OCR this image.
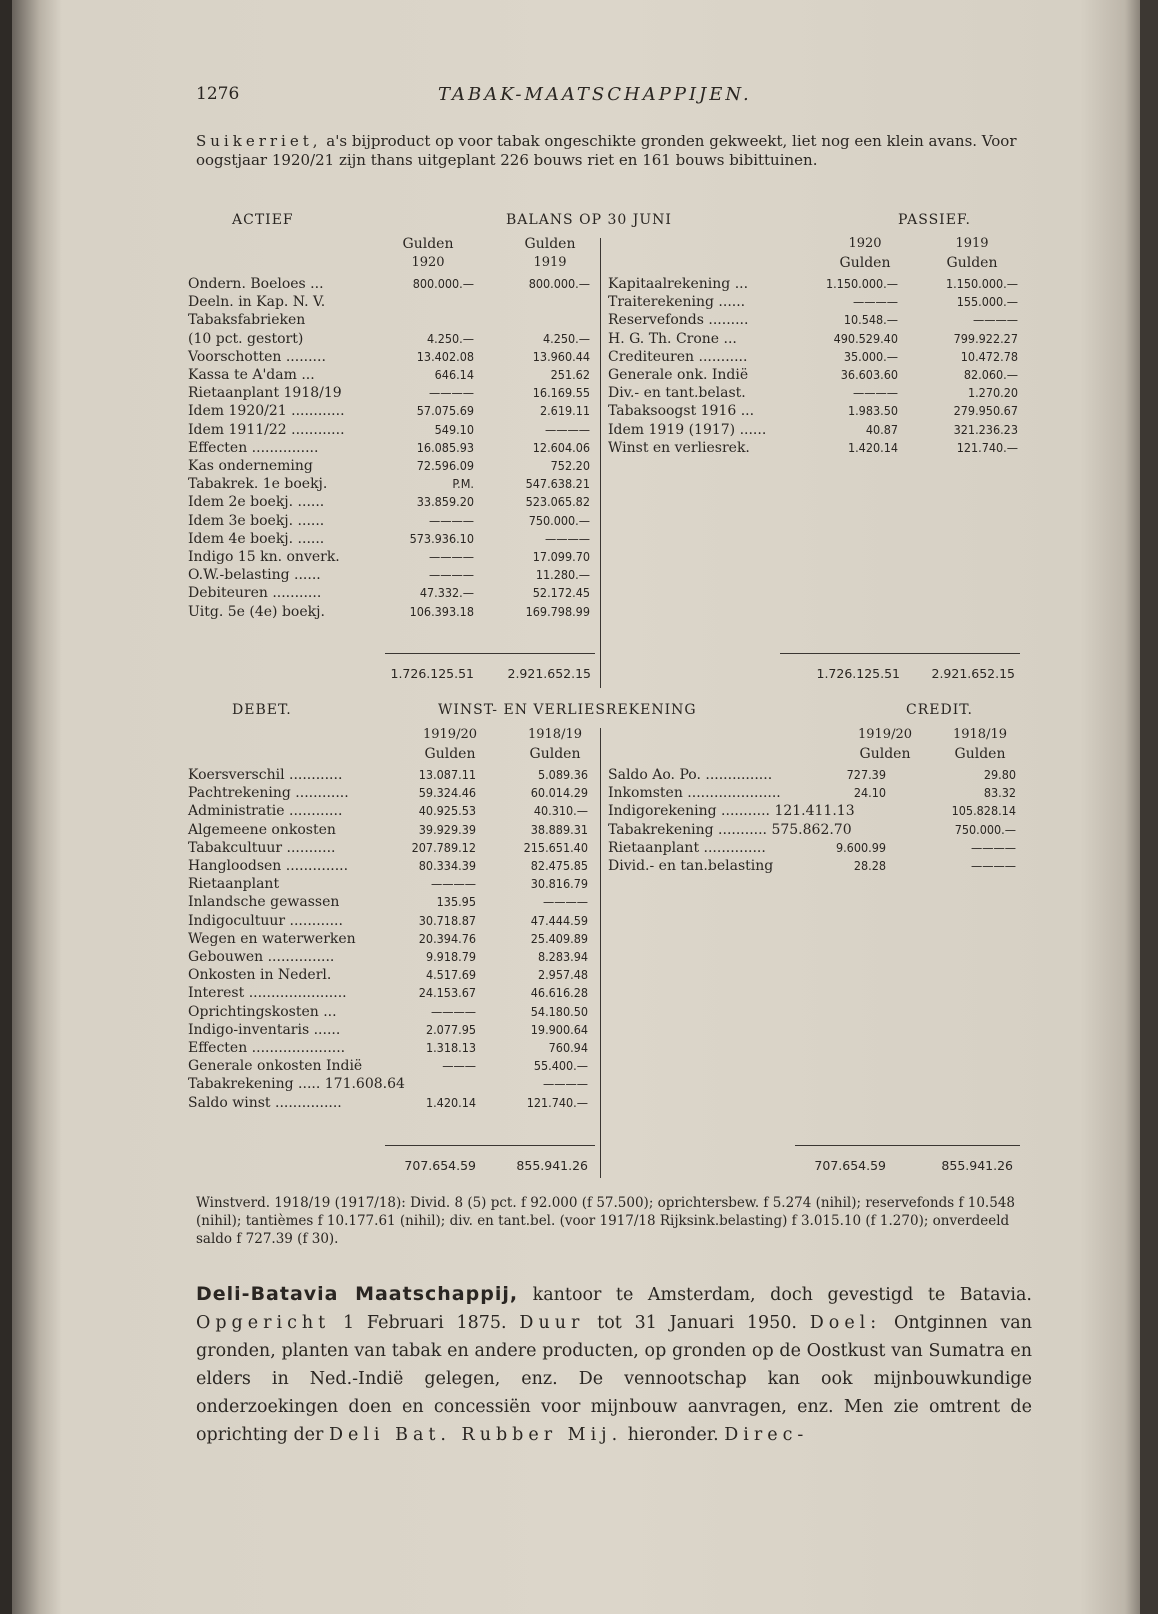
1276	TABAK-MAATSCHAPPIJEN.
Suikerriet, a's bijproduct op voor tabak ongeschikte gronden gekweekt, liet nog een klein avans. Voor oogstjaar 1920/21 zijn thans uitgeplant 226 bouws riet en 161 bouws bibittuinen.
ACTIEF	BALANS OP 30 JUNI	PASSIEF.
Gulden
1920
Gulden
1919
1920
Gulden
1919
Gulden
Ondern. Boeloes ...	800.000.—	800.000.—
Deeln. in Kap. N. V.
Tabaksfabrieken
(10 pct. gestort)	4.250.—	4.250.—
Voorschotten .........	13.402.08	13.960.44
Kassa te A'dam ...	646.14	251.62
Rietaanplant 1918/19	————	16.169.55
Idem 1920/21 ............	57.075.69	2.619.11
Idem 1911/22 ............	549.10	————
Effecten ...............	16.085.93	12.604.06
Kas onderneming	72.596.09	752.20
Tabakrek. 1e boekj.	P.M.	547.638.21
Idem 2e boekj. ......	33.859.20	523.065.82
Idem 3e boekj. ......	————	750.000.—
Idem 4e boekj. ......	573.936.10	————
Indigo 15 kn. onverk.	————	17.099.70
O.W.-belasting ......	————	11.280.—
Debiteuren ...........	47.332.—	52.172.45
Uitg. 5e (4e) boekj.	106.393.18	169.798.99
Kapitaalrekening ...	1.150.000.—	1.150.000.—
Traiterekening ......	————	155.000.—
Reservefonds .........	10.548.—	————
H. G. Th. Crone ...	490.529.40	799.922.27
Crediteuren ...........	35.000.—	10.472.78
Generale onk. Indië	36.603.60	82.060.—
Div.- en tant.belast.	————	1.270.20
Tabaksoogst 1916 ...	1.983.50	279.950.67
Idem 1919 (1917) ......	40.87	321.236.23
Winst en verliesrek.	1.420.14	121.740.—
1.726.125.51	2.921.652.15	1.726.125.51	2.921.652.15
DEBET.	WINST- EN VERLIESREKENING	CREDIT.
1919/20
Gulden
1918/19
Gulden
1919/20
Gulden
1918/19
Gulden
Koersverschil ............	13.087.11	5.089.36
Pachtrekening ............	59.324.46	60.014.29
Administratie ............	40.925.53	40.310.—
Algemeene onkosten	39.929.39	38.889.31
Tabakcultuur ...........	207.789.12	215.651.40
Hangloodsen ..............	80.334.39	82.475.85
Rietaanplant	————	30.816.79
Inlandsche gewassen	135.95	————
Indigocultuur ............	30.718.87	47.444.59
Wegen en waterwerken	20.394.76	25.409.89
Gebouwen ...............	9.918.79	8.283.94
Onkosten in Nederl.	4.517.69	2.957.48
Interest ......................	24.153.67	46.616.28
Oprichtingskosten ...	————	54.180.50
Indigo-inventaris ......	2.077.95	19.900.64
Effecten .....................	1.318.13	760.94
Generale onkosten Indië	———	55.400.—
Tabakrekening ..... 171.608.64	————
Saldo winst ...............	1.420.14	121.740.—
Saldo Ao. Po. ...............	727.39	29.80
Inkomsten .....................	24.10	83.32
Indigorekening ........... 121.411.13	105.828.14
Tabakrekening ........... 575.862.70	750.000.—
Rietaanplant ..............	9.600.99	————
Divid.- en tan.belasting	28.28	————
707.654.59	855.941.26	707.654.59	855.941.26
Winstverd. 1918/19 (1917/18): Divid. 8 (5) pct. f 92.000 (f 57.500); oprichtersbew. f 5.274 (nihil); reservefonds f 10.548 (nihil); tantièmes f 10.177.61 (nihil); div. en tant.bel. (voor 1917/18 Rijksink.belasting) f 3.015.10 (f 1.270); onverdeeld saldo f 727.39 (f 30).
Deli-Batavia Maatschappij, kantoor te Amsterdam, doch gevestigd te Batavia. Opgericht 1 Februari 1875. Duur tot 31 Januari 1950. Doel: Ontginnen van gronden, planten van tabak en andere producten, op gronden op de Oostkust van Sumatra en elders in Ned.-Indië gelegen, enz. De vennootschap kan ook mijnbouwkundige onderzoekingen doen en concessiën voor mijnbouw aanvragen, enz. Men zie omtrent de oprichting der Deli Bat. Rubber Mij. hieronder. Direc-
